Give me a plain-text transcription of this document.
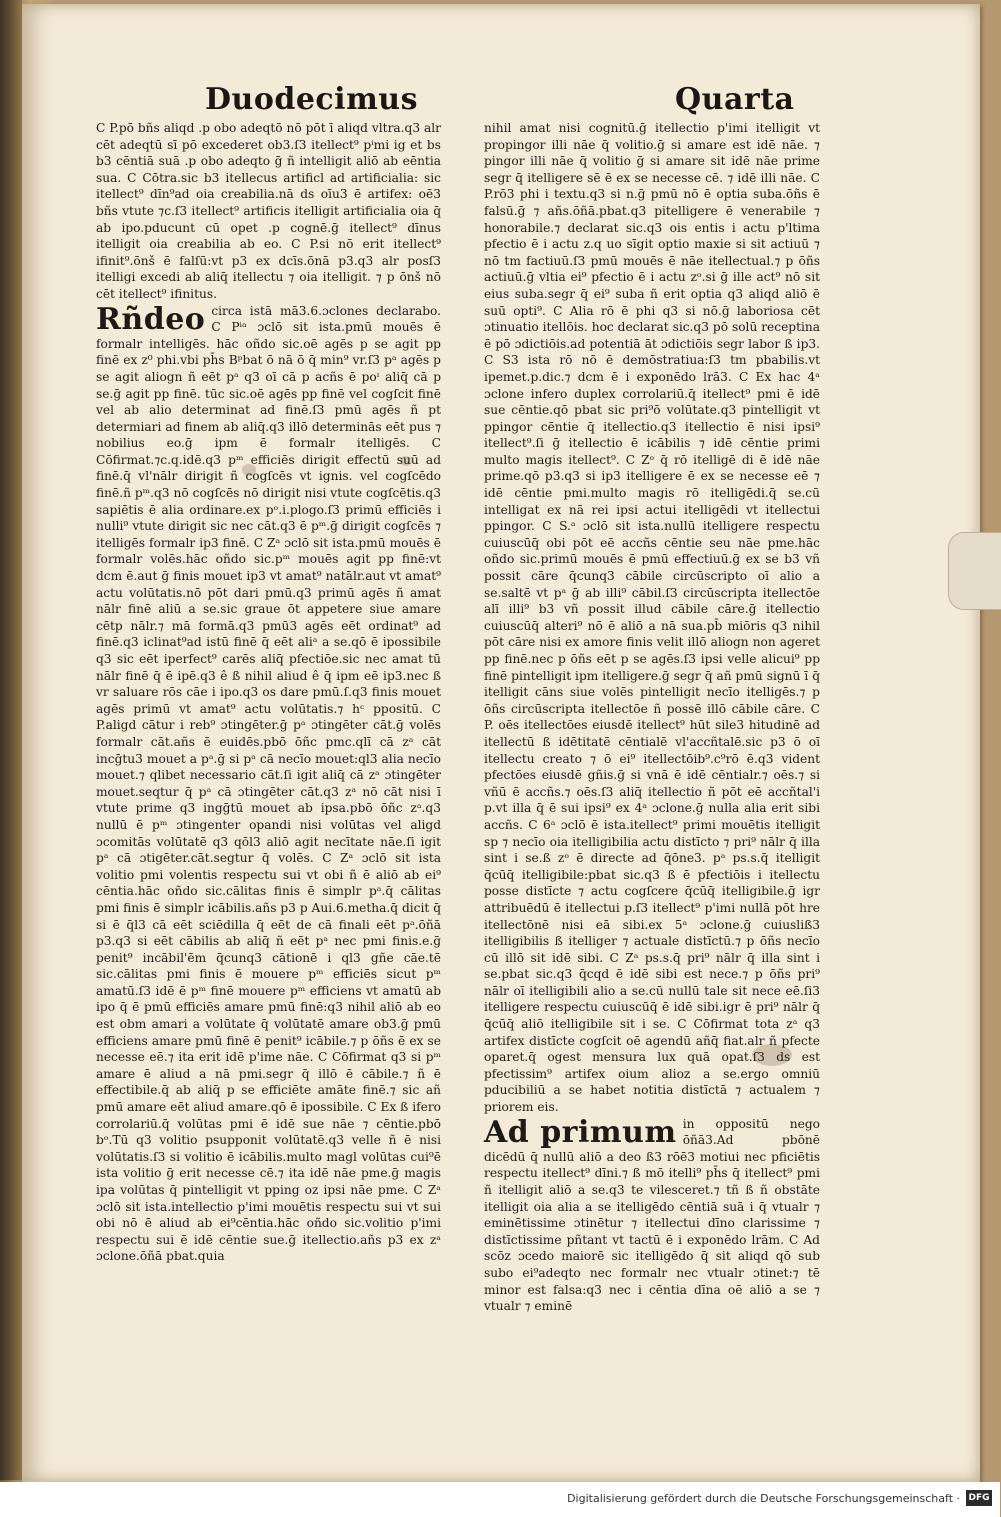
Duodecimus	Quarta

C P.pō bñs aliqd .p obo adeqtō nō pōt ī aliqd vltra.q3 alr cēt adeqtū sī pō excederet ob3.ſ3 itellect⁹ pⁱmi ig et bs b3 cēntiā suā .p obo adeqto ḡ ñ intelligit aliō ab eēntia sua. C Cōtra.sic b3 itellecus artificl ad artificialia: sic itellect⁹ dīn⁹ad oia creabilia.nā ds oīu3 ē artifex: oē3 bñs vtute ⁊c.ſ3 itellect⁹ artificis itelligit artificialia oia q̄ ab ipo.pducunt cū opet .p cognē.ḡ itellect⁹ dīnus itelligit oia creabilia ab eo. C P.si nō erit itellect⁹ ifinit⁹.ōnš ē falſū:vt p3 ex dcīs.ōnā p3.q3 alr posſ3 itelligi excedi ab aliq̄ itellectu ⁊ oia itelligit. ⁊ p ōnš nō cēt itellect⁹ ifinitus.

Rñdeo circa istā mā3.6.ɔclones declarabo. C Pⁱᵃ ɔclō sit ista.pmū mouēs ē formalr intelligēs. hāc oñdo sic.oē agēs p se agit pp finē ex z⁰ phi.vbi ph̄s Bᵖbat ō nā ō q̄ min⁹ vr.ſ3 pᵃ agēs p se agit aliogn ñ eēt pᵃ q3 oī cā p acñs ē poᶦ aliq̄ cā p se.ḡ agit pp finē. tūc sic.oē agēs pp finē vel cogſcit finē vel ab alio determinat ad finē.ſ3 pmū agēs ñ pt determiari ad finem ab aliq̄.q3 illō determinās eēt pus ⁊ nobilius eo.ḡ ipm ē formalr itelligēs. C Cōfirmat.⁊c.q.idē.q3 pᵐ efficiēs dirigit effectū suū ad finē.q̄ vl'nālr dirigit ñ cogſcēs vt ignis. vel cogſcēdo finē.ñ pᵐ.q3 nō cogſcēs nō dirigit nisi vtute cogſcētis.q3 sapiētis ē alia ordinare.ex pᵒ.i.plogo.ſ3 primū efficiēs i nulli⁹ vtute dirigit sic nec cāt.q3 ē pᵐ.ḡ dirigit cogſcēs ⁊ itelligēs formalr ip3 finē. C Zᵃ ɔclō sit ista.pmū mouēs ē formalr volēs.hāc oñdo sic.pᵐ mouēs agit pp finē:vt dcm ē.aut ḡ finis mouet ip3 vt amat⁹ natālr.aut vt amat⁹ actu volūtatis.nō pōt dari pmū.q3 primū agēs ñ amat nālr finē aliū a se.sic graue ōt appetere siue amare cētp nālr.⁊ mā formā.q3 pmū3 agēs eēt ordinat⁹ ad finē.q3 iclinat⁹ad istū finē q̄ eēt aliᵃ a se.qō ē ipossibile q3 sic eēt iperfect⁹ carēs aliq̄ pfectiōe.sic nec amat tū nālr finē q̄ ē ipē.q3 ê ß nihil aliud ê q̄ ipm eē ip3.nec ß vr saluare rōs cāe i ipo.q3 os dare pmū.ſ.q3 finis mouet agēs primū vt amat⁹ actu volūtatis.⁊ hᶜ ppositū. C P.aligd cātur i reb⁹ ɔtingēter.ḡ pᵃ ɔtingēter cāt.ḡ volēs formalr cāt.añs ē euidēs.pbō ōñc pmc.qlī cā zᵃ cāt incḡtu3 mouet a pᵃ.ḡ si pᵃ cā necīo mouet:ql3 alia necīo mouet.⁊ qlibet necessario cāt.ſi igit aliq̄ cā zᵃ ɔtingēter mouet.seqtur q̄ pᵃ cā ɔtingēter cāt.q3 zᵃ nō cāt nisi ī vtute prime q3 ingḡtū mouet ab ipsa.pbō ōñc zᵃ.q3 nullū ē pᵐ ɔtingenter opandi nisi volūtas vel aligd ɔcomitās volūtatē q3 qōl3 aliō agit necītate nāe.ſi igit pᵃ cā ɔtigēter.cāt.segtur q̄ volēs. C Zᵃ ɔclō sit ista volitio pmi volentis respectu sui vt obi ñ ē aliō ab ei⁹ cēntia.hāc oñdo sic.cālitas finis ē simplr pᵃ.q̄ cālitas pmi finis ē simplr icābilis.añs p3 p Aui.6.metha.q̄ dicit q̄ si ē q̄l3 cā eēt sciēdilla q̄ eēt de cā finali eēt pᵃ.ōñā p3.q3 si eēt cābilis ab aliq̄ ñ eēt pᵃ nec pmi finis.e.ḡ penit⁹ incābil'ēm q̄cunq3 cātionē i ql3 gñe cāe.tē sic.cālitas pmi finis ē mouere pᵐ efficiēs sicut pᵐ amatū.ſ3 idē ē pᵐ finē mouere pᵐ efficiens vt amatū ab ipo q̄ ē pmū efficiēs amare pmū finē:q3 nihil aliō ab eo est obm amari a volūtate q̄ volūtatē amare ob3.ḡ pmū efficiens amare pmū finē ē penit⁹ icābile.⁊ p ōñs ē ex se necesse eē.⁊ ita erit idē p'ime nāe. C Cōfirmat q3 si pᵐ amare ē aliud a nā pmi.segr q̄ illō ē cābile.⁊ ñ ē effectibile.q̄ ab aliq̄ p se efficiēte amāte finē.⁊ sic añ pmū amare eēt aliud amare.qō ē ipossibile. C Ex ß ifero corrolariū.q̄ volūtas pmi ē idē sue nāe ⁊ cēntie.pbō bᵒ.Tū q3 volitio psupponit volūtatē.q3 velle ñ ē nisi volūtatis.ſ3 si volitio ē icābilis.multo magl volūtas cui⁹ē ista volitio ḡ erit necesse cē.⁊ ita idē nāe pme.ḡ magis ipa volūtas q̄ pintelligit vt pping oz ipsi nāe pme. C Zᵃ ɔclō sit ista.intellectio p'imi mouētis respectu sui vt sui obi nō ē aliud ab ei⁹cēntia.hāc oñdo sic.volitio p'imi respectu sui ē idē cēntie sue.ḡ itellectio.añs p3 ex zᵃ ɔclone.ōñā pbat.quia

nihil amat nisi cognitū.ḡ itellectio p'imi itelligit vt propingor illi nāe q̄ volitio.ḡ si amare est idē nāe. ⁊ pingor illi nāe q̄ volitio ḡ si amare sit idē nāe prime segr q̄ itelligere sē ē ex se necesse cē. ⁊ idē illi nāe. C P.rō3 phi i textu.q3 si n.ḡ pmū nō ē optia suba.ōñs ē falsū.ḡ ⁊ añs.ōñā.pbat.q3 pitelligere ē venerabile ⁊ honorabile.⁊ declarat sic.q3 ois entis i actu p'ltima pfectio ē i actu z.q uo sīgit optio maxie si sit actiuū ⁊ nō tm factiuū.ſ3 pmū mouēs ē nāe itellectual.⁊ p ōñs actiuū.ḡ vltia ei⁹ pfectio ē i actu zᵒ.si ḡ ille act⁹ nō sit eius suba.segr q̄ ei⁹ suba ñ erit optia q3 aliqd aliō ē suū opti⁹. C Alia rō ē phi q3 si nō.ḡ laboriosa cēt ɔtinuatio itellōis. hoc declarat sic.q3 pō solū receptina ē pō ɔdictiōis.ad potentiā āt ɔdictiōis segr labor ß ip3. C S3 ista rō nō ē demōstratiua:ſ3 tm pbabilis.vt ipemet.p.dic.⁊ dcm ē i exponēdo lrā3. C Ex hac 4ᵃ ɔclone infero duplex corrolariū.q̄ itellect⁹ pmi ē idē sue cēntie.qō pbat sic pri⁹ō volūtate.q3 pintelligit vt ppingor cēntie q̄ itellectio.q3 itellectio ē nisi ipsi⁹ itellect⁹.ſi ḡ itellectio ē icābilis ⁊ idē cēntie primi multo magis itellect⁹. C Zᵒ q̄ rō itelligē di ē idē nāe prime.qō p3.q3 si ip3 itelligere ē ex se necesse eē ⁊ idē cēntie pmi.multo magis rō itelligēdi.q̄ se.cū intelligat ex nā rei ipsi actui itelligēdi vt itellectui ppingor. C S.ᵃ ɔclō sit ista.nullū itelligere respectu cuiuscūq̄ obi pōt eē accñs cēntie seu nāe pme.hāc oñdo sic.primū mouēs ē pmū effectiuū.ḡ ex se b3 vñ possit cāre q̄cunq3 cābile circūscripto oī alio a se.saltē vt pᵃ ḡ ab illi⁹ cābil.ſ3 circūscripta itellectōe alī illi⁹ b3 vñ possit illud cābile cāre.ḡ itellectio cuiuscūq̄ alteri⁹ nō ē aliō a nā sua.pb̄ miōris q3 nihil pōt cāre nisi ex amore finis velit illō aliogn non ageret pp finē.nec p ōñs eēt p se agēs.ſ3 ipsi velle alicui⁹ pp finē pintelligit ipm itelligere.ḡ segr q̄ añ pmū signū ī q̄ itelligit cāns siue volēs pintelligit necīo itelligēs.⁊ p ōñs circūscripta itellectōe ñ possē illō cābile cāre. C P. oēs itellectōes eiusdē itellect⁹ hūt sile3 hitudinē ad itellectū ß idētitatē cēntialē vl'accñtalē.sic p3 ō oī itellectu creato ⁊ ō ei⁹ itellectōib⁹.c⁹rō ē.q3 vident pfectōes eiusdē gñis.ḡ si vnā ē idē cēntialr.⁊ oēs.⁊ si vñū ē accñs.⁊ oēs.ſ3 aliq̄ itellectio ñ pōt eē accñtal'i p.vt illa q̄ ē sui ipsi⁹ ex 4ᵃ ɔclone.ḡ nulla alia erit sibi accñs. C 6ᵃ ɔclō ē ista.itellect⁹ primi mouētis itelligit sp ⁊ necīo oia itelligibilia actu distīcto ⁊ pri⁹ nālr q̄ illa sint i se.ß zᵒ ē directe ad q̄ōne3. pᵃ ps.s.q̄ itelligit q̄cūq̄ itelligibile:pbat sic.q3 ß ē pfectiōis i itellectu posse distīcte ⁊ actu cogſcere q̄cūq̄ itelligibile.ḡ igr attribuēdū ē itellectui p.ſ3 itellect⁹ p'imi nullā pōt hre itellectōnē nisi eā sibi.ex 5ᵃ ɔclone.ḡ cuiusliß3 itelligibilis ß itelliger ⁊ actuale distīctū.⁊ p ōñs necīo cū illō sit idē sibi. C Zᵃ ps.s.q̄ pri⁹ nālr q̄ illa sint i se.pbat sic.q3 q̄cqd ē idē sibi est nece.⁊ p ōñs pri⁹ nālr oī itelligibili alio a se.cū nullū tale sit nece eē.ſi3 itelligere respectu cuiuscūq̄ ē idē sibi.igr ē pri⁹ nālr q̄ q̄cūq̄ aliō itelligibile sit i se. C Cōfirmat tota zᵃ q3 artifex distīcte cogſcit oē agendū añq̄ fiat.alr ñ pfecte oparet.q̄ ogest mensura lux quā opat.ſ3 ds est pfectissim⁹ artifex oium alioz a se.ergo omniū pducibiliū a se habet notitia distīctā ⁊ actualem ⁊ priorem eis.

Ad primum in oppositū nego ōñā3.Ad pbōnē dicēdū q̄ nullū aliō a deo ß3 rōē3 motiui nec pficiētis respectu itellect⁹ dīni.⁊ ß mō itelli⁹ ph̄s q̄ itellect⁹ pmi ñ itelligit aliō a se.q3 te vilesceret.⁊ tñ ß ñ obstāte itelligit oia alia a se itelligēdo cēntiā suā i q̄ vtualr ⁊ eminētissime ɔtinētur ⁊ itellectui dīno clarissime ⁊ distīctissime pñtant vt tactū ē i exponēdo lrām. C Ad scōz ɔcedo maiorē sic itelligēdo q̄ sit aliqd qō sub subo ei⁹adeqto nec formalr nec vtualr ɔtinet:⁊ tē minor est falsa:q3 nec i cēntia dīna oē aliō a se ⁊ vtualr ⁊ eminē

Digitalisierung gefördert durch die Deutsche Forschungsgemeinschaft · DFG
